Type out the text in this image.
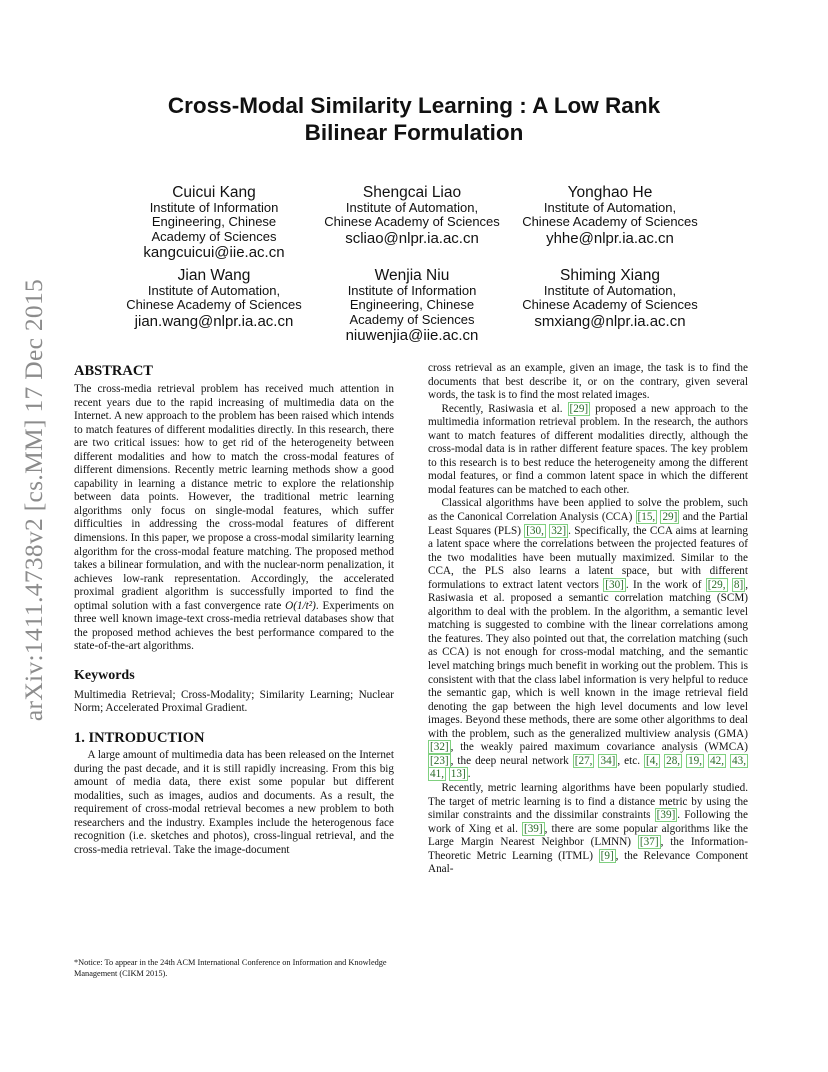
arXiv:1411.4738v2 [cs.MM] 17 Dec 2015
Cross-Modal Similarity Learning : A Low Rank
Bilinear Formulation
Cuicui Kang
Institute of Information
Engineering, Chinese
Academy of Sciences
kangcuicui@iie.ac.cn
Shengcai Liao
Institute of Automation,
Chinese Academy of Sciences
scliao@nlpr.ia.ac.cn
Yonghao He
Institute of Automation,
Chinese Academy of Sciences
yhhe@nlpr.ia.ac.cn
Jian Wang
Institute of Automation,
Chinese Academy of Sciences
jian.wang@nlpr.ia.ac.cn
Wenjia Niu
Institute of Information
Engineering, Chinese
Academy of Sciences
niuwenjia@iie.ac.cn
Shiming Xiang
Institute of Automation,
Chinese Academy of Sciences
smxiang@nlpr.ia.ac.cn
ABSTRACT

The cross-media retrieval problem has received much attention in recent years due to the rapid increasing of multimedia data on the Internet. A new approach to the problem has been raised which intends to match features of different modalities directly. In this research, there are two critical issues: how to get rid of the heterogeneity between different modalities and how to match the cross-modal features of different dimensions. Recently metric learning methods show a good capability in learning a distance metric to explore the relationship between data points. However, the traditional metric learning algorithms only focus on single-modal features, which suffer difficulties in addressing the cross-modal features of different dimensions. In this paper, we propose a cross-modal similarity learning algorithm for the cross-modal feature matching. The proposed method takes a bilinear formulation, and with the nuclear-norm penalization, it achieves low-rank representation. Accordingly, the accelerated proximal gradient algorithm is successfully imported to find the optimal solution with a fast convergence rate O(1/t²). Experiments on three well known image-text cross-media retrieval databases show that the proposed method achieves the best performance compared to the state-of-the-art algorithms.

Keywords

Multimedia Retrieval; Cross-Modality; Similarity Learning; Nuclear Norm; Accelerated Proximal Gradient.

1. INTRODUCTION

A large amount of multimedia data has been released on the Internet during the past decade, and it is still rapidly increasing. From this big amount of media data, there exist some popular but different modalities, such as images, audios and documents. As a result, the requirement of cross-modal retrieval becomes a new problem to both researchers and the industry. Examples include the heterogenous face recognition (i.e. sketches and photos), cross-lingual retrieval, and the cross-media retrieval. Take the image-document

*Notice: To appear in the 24th ACM International Conference on Information and Knowledge Management (CIKM 2015).

cross retrieval as an example, given an image, the task is to find the documents that best describe it, or on the contrary, given several words, the task is to find the most related images.

Recently, Rasiwasia et al. [29] proposed a new approach to the multimedia information retrieval problem. In the research, the authors want to match features of different modalities directly, although the cross-modal data is in rather different feature spaces. The key problem to this research is to best reduce the heterogeneity among the different modal features, or find a common latent space in which the different modal features can be matched to each other.

Classical algorithms have been applied to solve the problem, such as the Canonical Correlation Analysis (CCA) [15, 29] and the Partial Least Squares (PLS) [30, 32] . Specifically, the CCA aims at learning a latent space where the correlations between the projected features of the two modalities have been mutually maximized. Similar to the CCA, the PLS also learns a latent space, but with different formulations to extract latent vectors [30] . In the work of [29, 8] , Rasiwasia et al. proposed a semantic correlation matching (SCM) algorithm to deal with the problem. In the algorithm, a semantic level matching is suggested to combine with the linear correlations among the features. They also pointed out that, the correlation matching (such as CCA) is not enough for cross-modal matching, and the semantic level matching brings much benefit in working out the problem. This is consistent with that the class label information is very helpful to reduce the semantic gap, which is well known in the image retrieval field denoting the gap between the high level documents and low level images. Beyond these methods, there are some other algorithms to deal with the problem, such as the generalized multiview analysis (GMA) [32] , the weakly paired maximum covariance analysis (WMCA) [23] , the deep neural network [27, 34] , etc. [4, 28, 19, 42, 43, 41, 13] .

Recently, metric learning algorithms have been popularly studied. The target of metric learning is to find a distance metric by using the similar constraints and the dissimilar constraints [39] . Following the work of Xing et al. [39] , there are some popular algorithms like the Large Margin Nearest Neighbor (LMNN) [37] , the Information-Theoretic Metric Learning (ITML) [9] , the Relevance Component Anal-
